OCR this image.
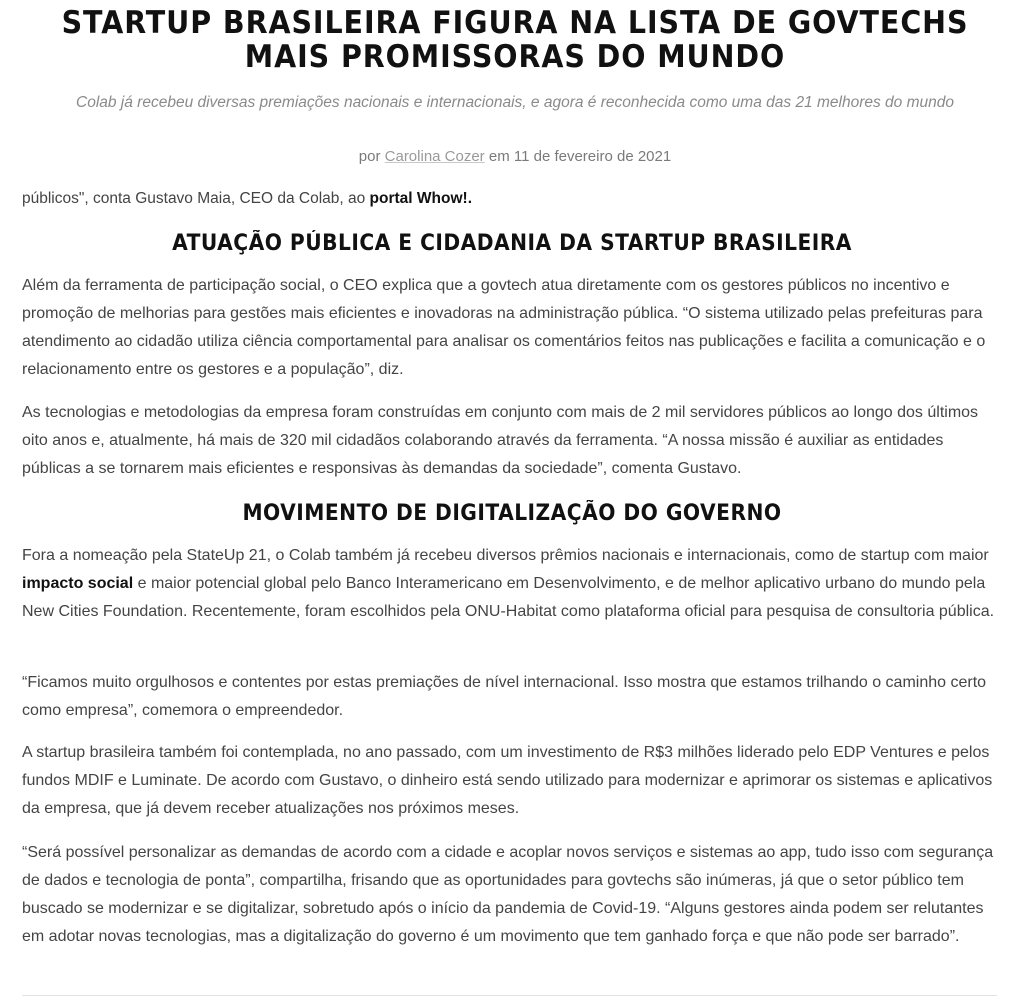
públicos", conta Gustavo Maia, CEO da Colab, ao portal Whow!.
ATUAÇÃO PÚBLICA E CIDADANIA DA STARTUP BRASILEIRA

Além da ferramenta de participação social, o CEO explica que a govtech atua diretamente com os gestores públicos no incentivo e promoção de melhorias para gestões mais eficientes e inovadoras na administração pública. “O sistema utilizado pelas prefeituras para atendimento ao cidadão utiliza ciência comportamental para analisar os comentários feitos nas publicações e facilita a comunicação e o relacionamento entre os gestores e a população”, diz.

As tecnologias e metodologias da empresa foram construídas em conjunto com mais de 2 mil servidores públicos ao longo dos últimos oito anos e, atualmente, há mais de 320 mil cidadãos colaborando através da ferramenta. “A nossa missão é auxiliar as entidades públicas a se tornarem mais eficientes e responsivas às demandas da sociedade”, comenta Gustavo.

MOVIMENTO DE DIGITALIZAÇÃO DO GOVERNO

Fora a nomeação pela StateUp 21, o Colab também já recebeu diversos prêmios nacionais e internacionais, como de startup com maior impacto social e maior potencial global pelo Banco Interamericano em Desenvolvimento, e de melhor aplicativo urbano do mundo pela New Cities Foundation. Recentemente, foram escolhidos pela ONU-Habitat como plataforma oficial para pesquisa de consultoria pública.

“Ficamos muito orgulhosos e contentes por estas premiações de nível internacional. Isso mostra que estamos trilhando o caminho certo como empresa”, comemora o empreendedor.

A startup brasileira também foi contemplada, no ano passado, com um investimento de R$3 milhões liderado pelo EDP Ventures e pelos fundos MDIF e Luminate. De acordo com Gustavo, o dinheiro está sendo utilizado para modernizar e aprimorar os sistemas e aplicativos da empresa, que já devem receber atualizações nos próximos meses.

“Será possível personalizar as demandas de acordo com a cidade e acoplar novos serviços e sistemas ao app, tudo isso com segurança de dados e tecnologia de ponta”, compartilha, frisando que as oportunidades para govtechs são inúmeras, já que o setor público tem buscado se modernizar e se digitalizar, sobretudo após o início da pandemia de Covid-19. “Alguns gestores ainda podem ser relutantes em adotar novas tecnologias, mas a digitalização do governo é um movimento que tem ganhado força e que não pode ser barrado”.

STARTUP BRASILEIRA FIGURA NA LISTA DE GOVTECHS MAIS PROMISSORAS DO MUNDO
Colab já recebeu diversas premiações nacionais e internacionais, e agora é reconhecida como uma das 21 melhores do mundo
por Carolina Cozer em 11 de fevereiro de 2021
